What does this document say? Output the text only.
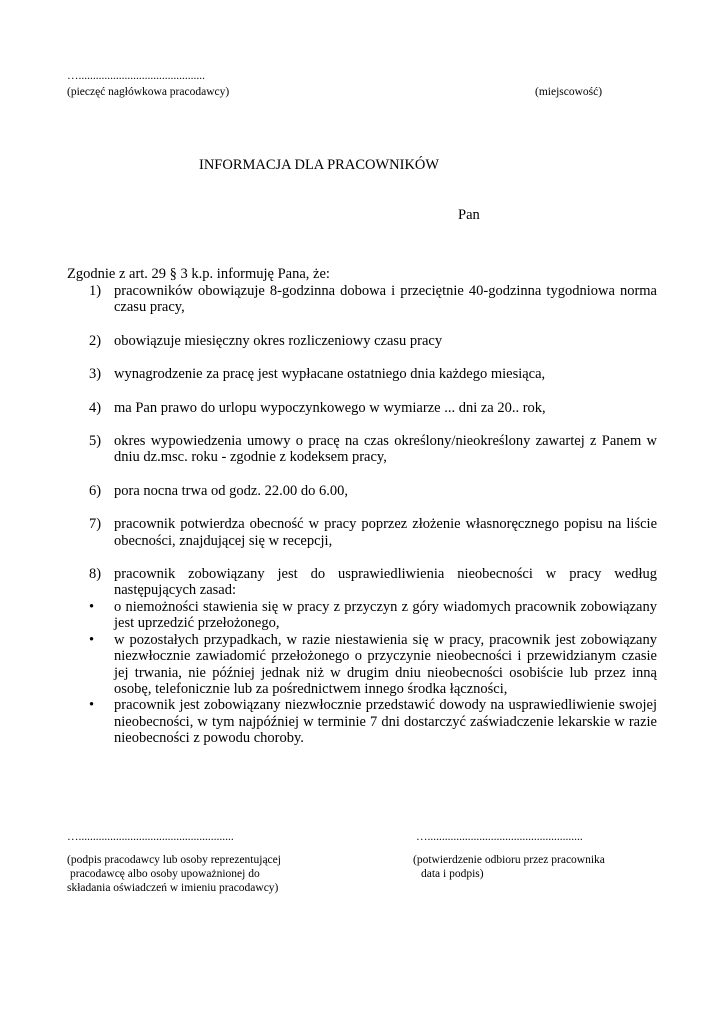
…............................................
(pieczęć nagłówkowa pracodawcy)	(miejscowość)
INFORMACJA DLA PRACOWNIKÓW
Pan
Zgodnie z art. 29 § 3 k.p. informuję Pana, że:
1) pracowników obowiązuje 8-godzinna dobowa i przeciętnie 40-godzinna tygodniowa norma czasu pracy,
2) obowiązuje miesięczny okres rozliczeniowy czasu pracy
3) wynagrodzenie za pracę jest wypłacane ostatniego dnia każdego miesiąca,
4) ma Pan prawo do urlopu wypoczynkowego w wymiarze ... dni za 20.. rok,
5) okres wypowiedzenia umowy o pracę na czas określony/nieokreślony zawartej z Panem w dniu dz.msc. roku - zgodnie z kodeksem pracy,
6) pora nocna trwa od godz. 22.00 do 6.00,
7) pracownik potwierdza obecność w pracy poprzez złożenie własnoręcznego popisu na liście obecności, znajdującej się w recepcji,
8) pracownik zobowiązany jest do usprawiedliwienia nieobecności w pracy według następujących zasad:
• o niemożności stawienia się w pracy z przyczyn z góry wiadomych pracownik zobowiązany jest uprzedzić przełożonego,
• w pozostałych przypadkach, w razie niestawienia się w pracy, pracownik jest zobowiązany niezwłocznie zawiadomić przełożonego o przyczynie nieobecności i przewidzianym czasie jej trwania, nie później jednak niż w drugim dniu nieobecności osobiście lub przez inną osobę, telefonicznie lub za pośrednictwem innego środka łączności,
• pracownik jest zobowiązany niezwłocznie przedstawić dowody na usprawiedliwienie swojej nieobecności, w tym najpóźniej w terminie 7 dni dostarczyć zaświadczenie lekarskie w razie nieobecności z powodu choroby.
…......................................................	…......................................................
(podpis pracodawcy lub osoby reprezentującej
pracodawcę albo osoby upoważnionej do
składania oświadczeń w imieniu pracodawcy)
(potwierdzenie odbioru przez pracownika
data i podpis)
